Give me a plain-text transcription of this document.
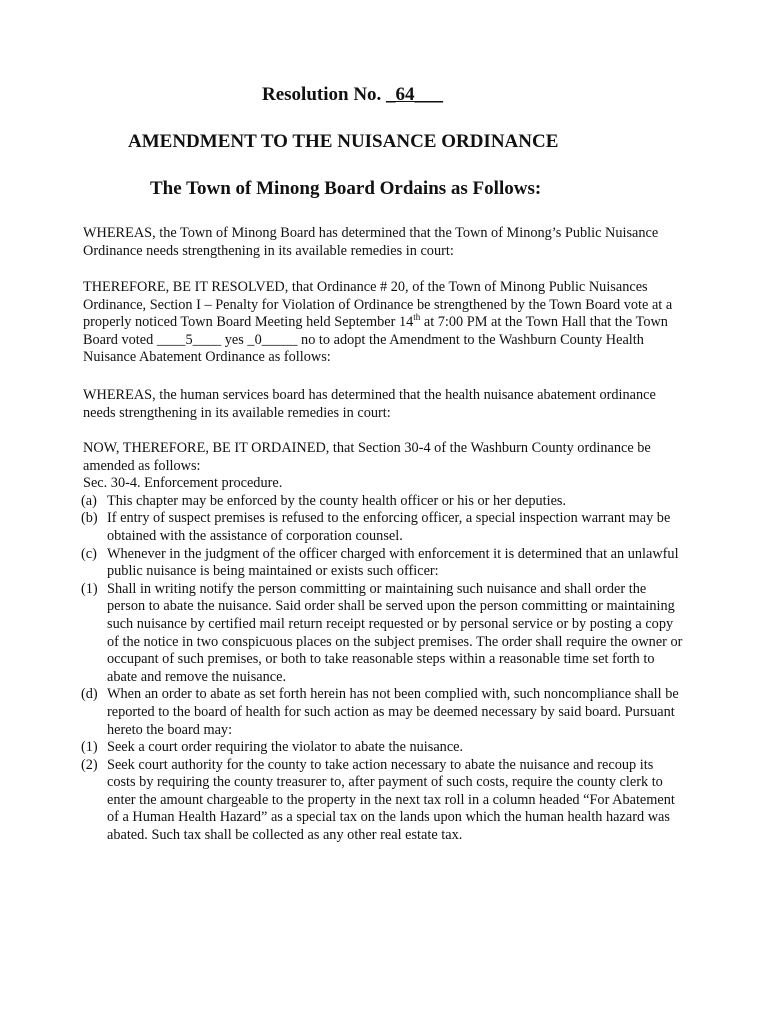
Resolution No. _64___
AMENDMENT TO THE NUISANCE ORDINANCE
The Town of Minong Board Ordains as Follows:

WHEREAS, the Town of Minong Board has determined that the Town of Minong’s Public Nuisance Ordinance needs strengthening in its available remedies in court:

THEREFORE, BE IT RESOLVED, that Ordinance # 20, of the Town of Minong Public Nuisances Ordinance, Section I – Penalty for Violation of Ordinance be strengthened by the Town Board vote at a properly noticed Town Board Meeting held September 14th at 7:00 PM at the Town Hall that the Town Board voted ____5____ yes _0_____ no to adopt the Amendment to the Washburn County Health Nuisance Abatement Ordinance as follows:

WHEREAS, the human services board has determined that the health nuisance abatement ordinance needs strengthening in its available remedies in court:

NOW, THEREFORE, BE IT ORDAINED, that Section 30-4 of the Washburn County ordinance be amended as follows:

Sec. 30-4. Enforcement procedure.

(a) This chapter may be enforced by the county health officer or his or her deputies.
(b) If entry of suspect premises is refused to the enforcing officer, a special inspection warrant may be obtained with the assistance of corporation counsel.
(c) Whenever in the judgment of the officer charged with enforcement it is determined that an unlawful public nuisance is being maintained or exists such officer:
(1) Shall in writing notify the person committing or maintaining such nuisance and shall order the person to abate the nuisance. Said order shall be served upon the person committing or maintaining such nuisance by certified mail return receipt requested or by personal service or by posting a copy of the notice in two conspicuous places on the subject premises. The order shall require the owner or occupant of such premises, or both to take reasonable steps within a reasonable time set forth to abate and remove the nuisance.
(d) When an order to abate as set forth herein has not been complied with, such noncompliance shall be reported to the board of health for such action as may be deemed necessary by said board. Pursuant hereto the board may:
(1) Seek a court order requiring the violator to abate the nuisance.
(2) Seek court authority for the county to take action necessary to abate the nuisance and recoup its costs by requiring the county treasurer to, after payment of such costs, require the county clerk to enter the amount chargeable to the property in the next tax roll in a column headed “For Abatement of a Human Health Hazard” as a special tax on the lands upon which the human health hazard was abated. Such tax shall be collected as any other real estate tax.
